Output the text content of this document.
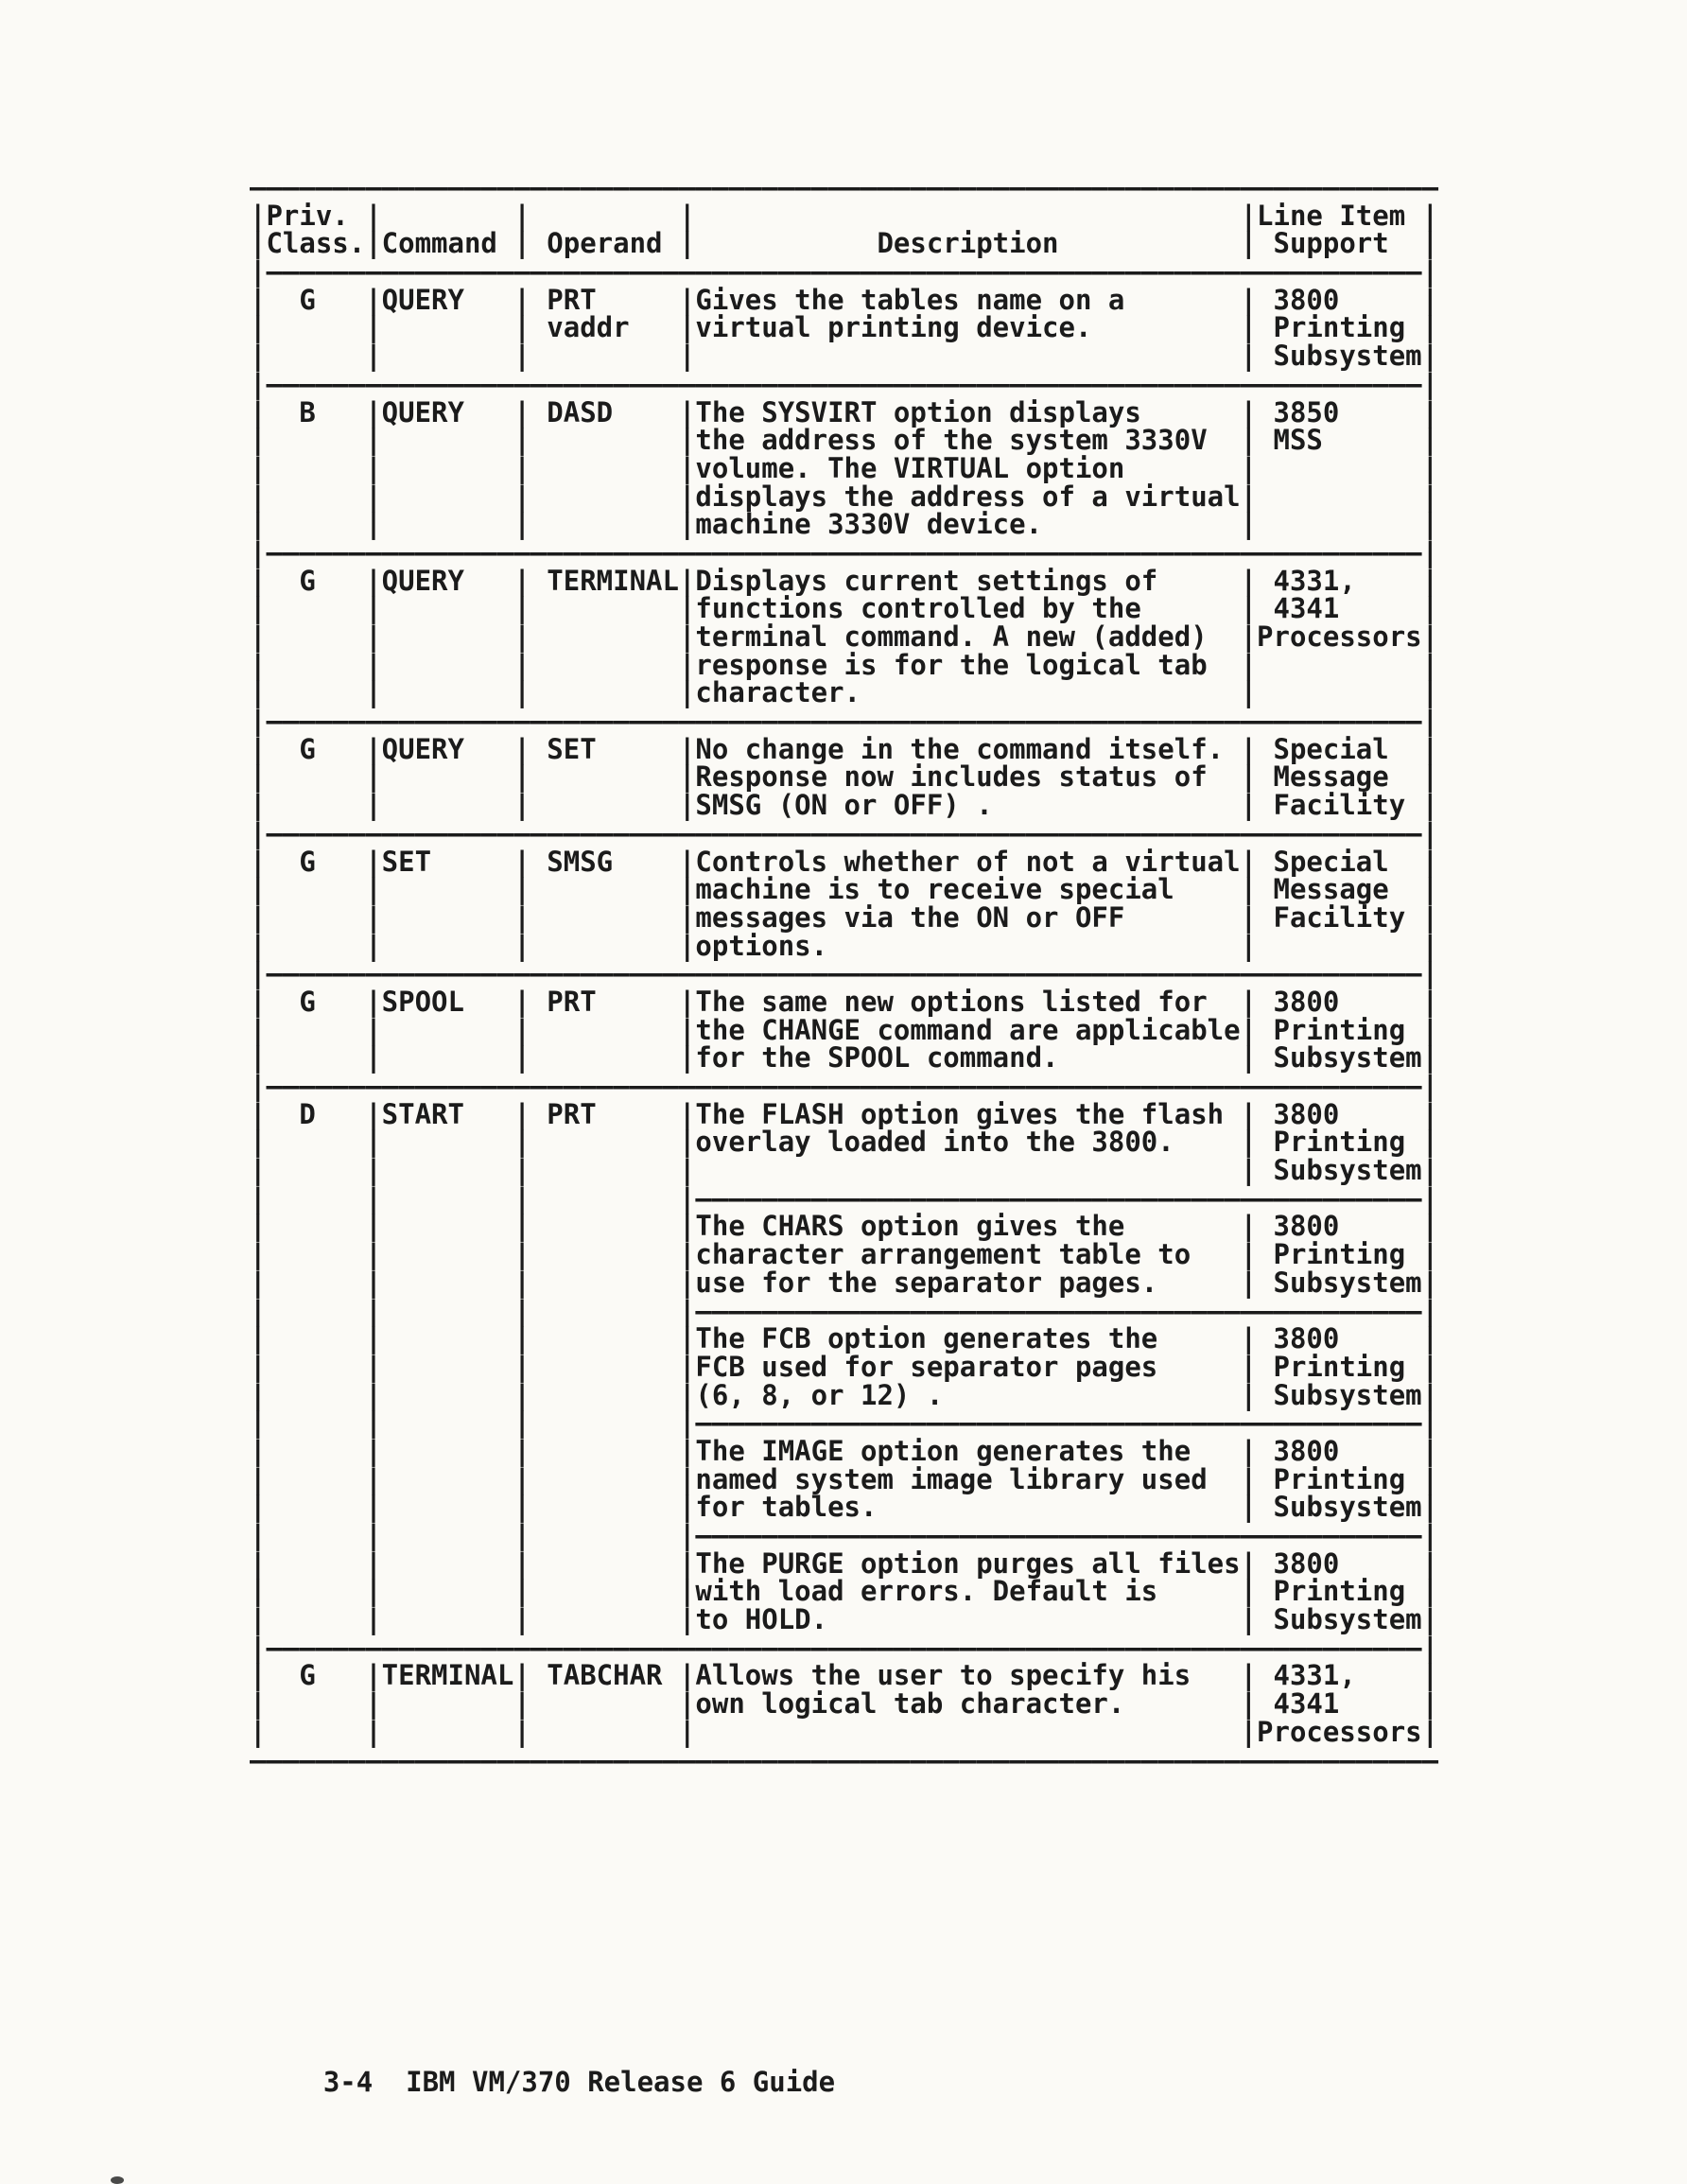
————————————————————————————————————————————————————————————————————————
|Priv. |        |         |                                 |Line Item |
|Class.|Command | Operand |           Description           | Support  |
|——————————————————————————————————————————————————————————————————————|
|  G   |QUERY   | PRT     |Gives the tables name on a       | 3800     |
|      |        | vaddr   |virtual printing device.         | Printing |
|      |        |         |                                 | Subsystem|
|——————————————————————————————————————————————————————————————————————|
|  B   |QUERY   | DASD    |The SYSVIRT option displays      | 3850     |
|      |        |         |the address of the system 3330V  | MSS      |
|      |        |         |volume. The VIRTUAL option       |          |
|      |        |         |displays the address of a virtual|          |
|      |        |         |machine 3330V device.            |          |
|——————————————————————————————————————————————————————————————————————|
|  G   |QUERY   | TERMINAL|Displays current settings of     | 4331,    |
|      |        |         |functions controlled by the      | 4341     |
|      |        |         |terminal command. A new (added)  |Processors|
|      |        |         |response is for the logical tab  |          |
|      |        |         |character.                       |          |
|——————————————————————————————————————————————————————————————————————|
|  G   |QUERY   | SET     |No change in the command itself. | Special  |
|      |        |         |Response now includes status of  | Message  |
|      |        |         |SMSG (ON or OFF) .               | Facility |
|——————————————————————————————————————————————————————————————————————|
|  G   |SET     | SMSG    |Controls whether of not a virtual| Special  |
|      |        |         |machine is to receive special    | Message  |
|      |        |         |messages via the ON or OFF       | Facility |
|      |        |         |options.                         |          |
|——————————————————————————————————————————————————————————————————————|
|  G   |SPOOL   | PRT     |The same new options listed for  | 3800     |
|      |        |         |the CHANGE command are applicable| Printing |
|      |        |         |for the SPOOL command.           | Subsystem|
|——————————————————————————————————————————————————————————————————————|
|  D   |START   | PRT     |The FLASH option gives the flash | 3800     |
|      |        |         |overlay loaded into the 3800.    | Printing |
|      |        |         |                                 | Subsystem|
|      |        |         |————————————————————————————————————————————|
|      |        |         |The CHARS option gives the       | 3800     |
|      |        |         |character arrangement table to   | Printing |
|      |        |         |use for the separator pages.     | Subsystem|
|      |        |         |————————————————————————————————————————————|
|      |        |         |The FCB option generates the     | 3800     |
|      |        |         |FCB used for separator pages     | Printing |
|      |        |         |(6, 8, or 12) .                  | Subsystem|
|      |        |         |————————————————————————————————————————————|
|      |        |         |The IMAGE option generates the   | 3800     |
|      |        |         |named system image library used  | Printing |
|      |        |         |for tables.                      | Subsystem|
|      |        |         |————————————————————————————————————————————|
|      |        |         |The PURGE option purges all files| 3800     |
|      |        |         |with load errors. Default is     | Printing |
|      |        |         |to HOLD.                         | Subsystem|
|——————————————————————————————————————————————————————————————————————|
|  G   |TERMINAL| TABCHAR |Allows the user to specify his   | 4331,    |
|      |        |         |own logical tab character.       | 4341     |
|      |        |         |                                 |Processors|
————————————————————————————————————————————————————————————————————————

3-4 IBM VM/370 Release 6 Guide
